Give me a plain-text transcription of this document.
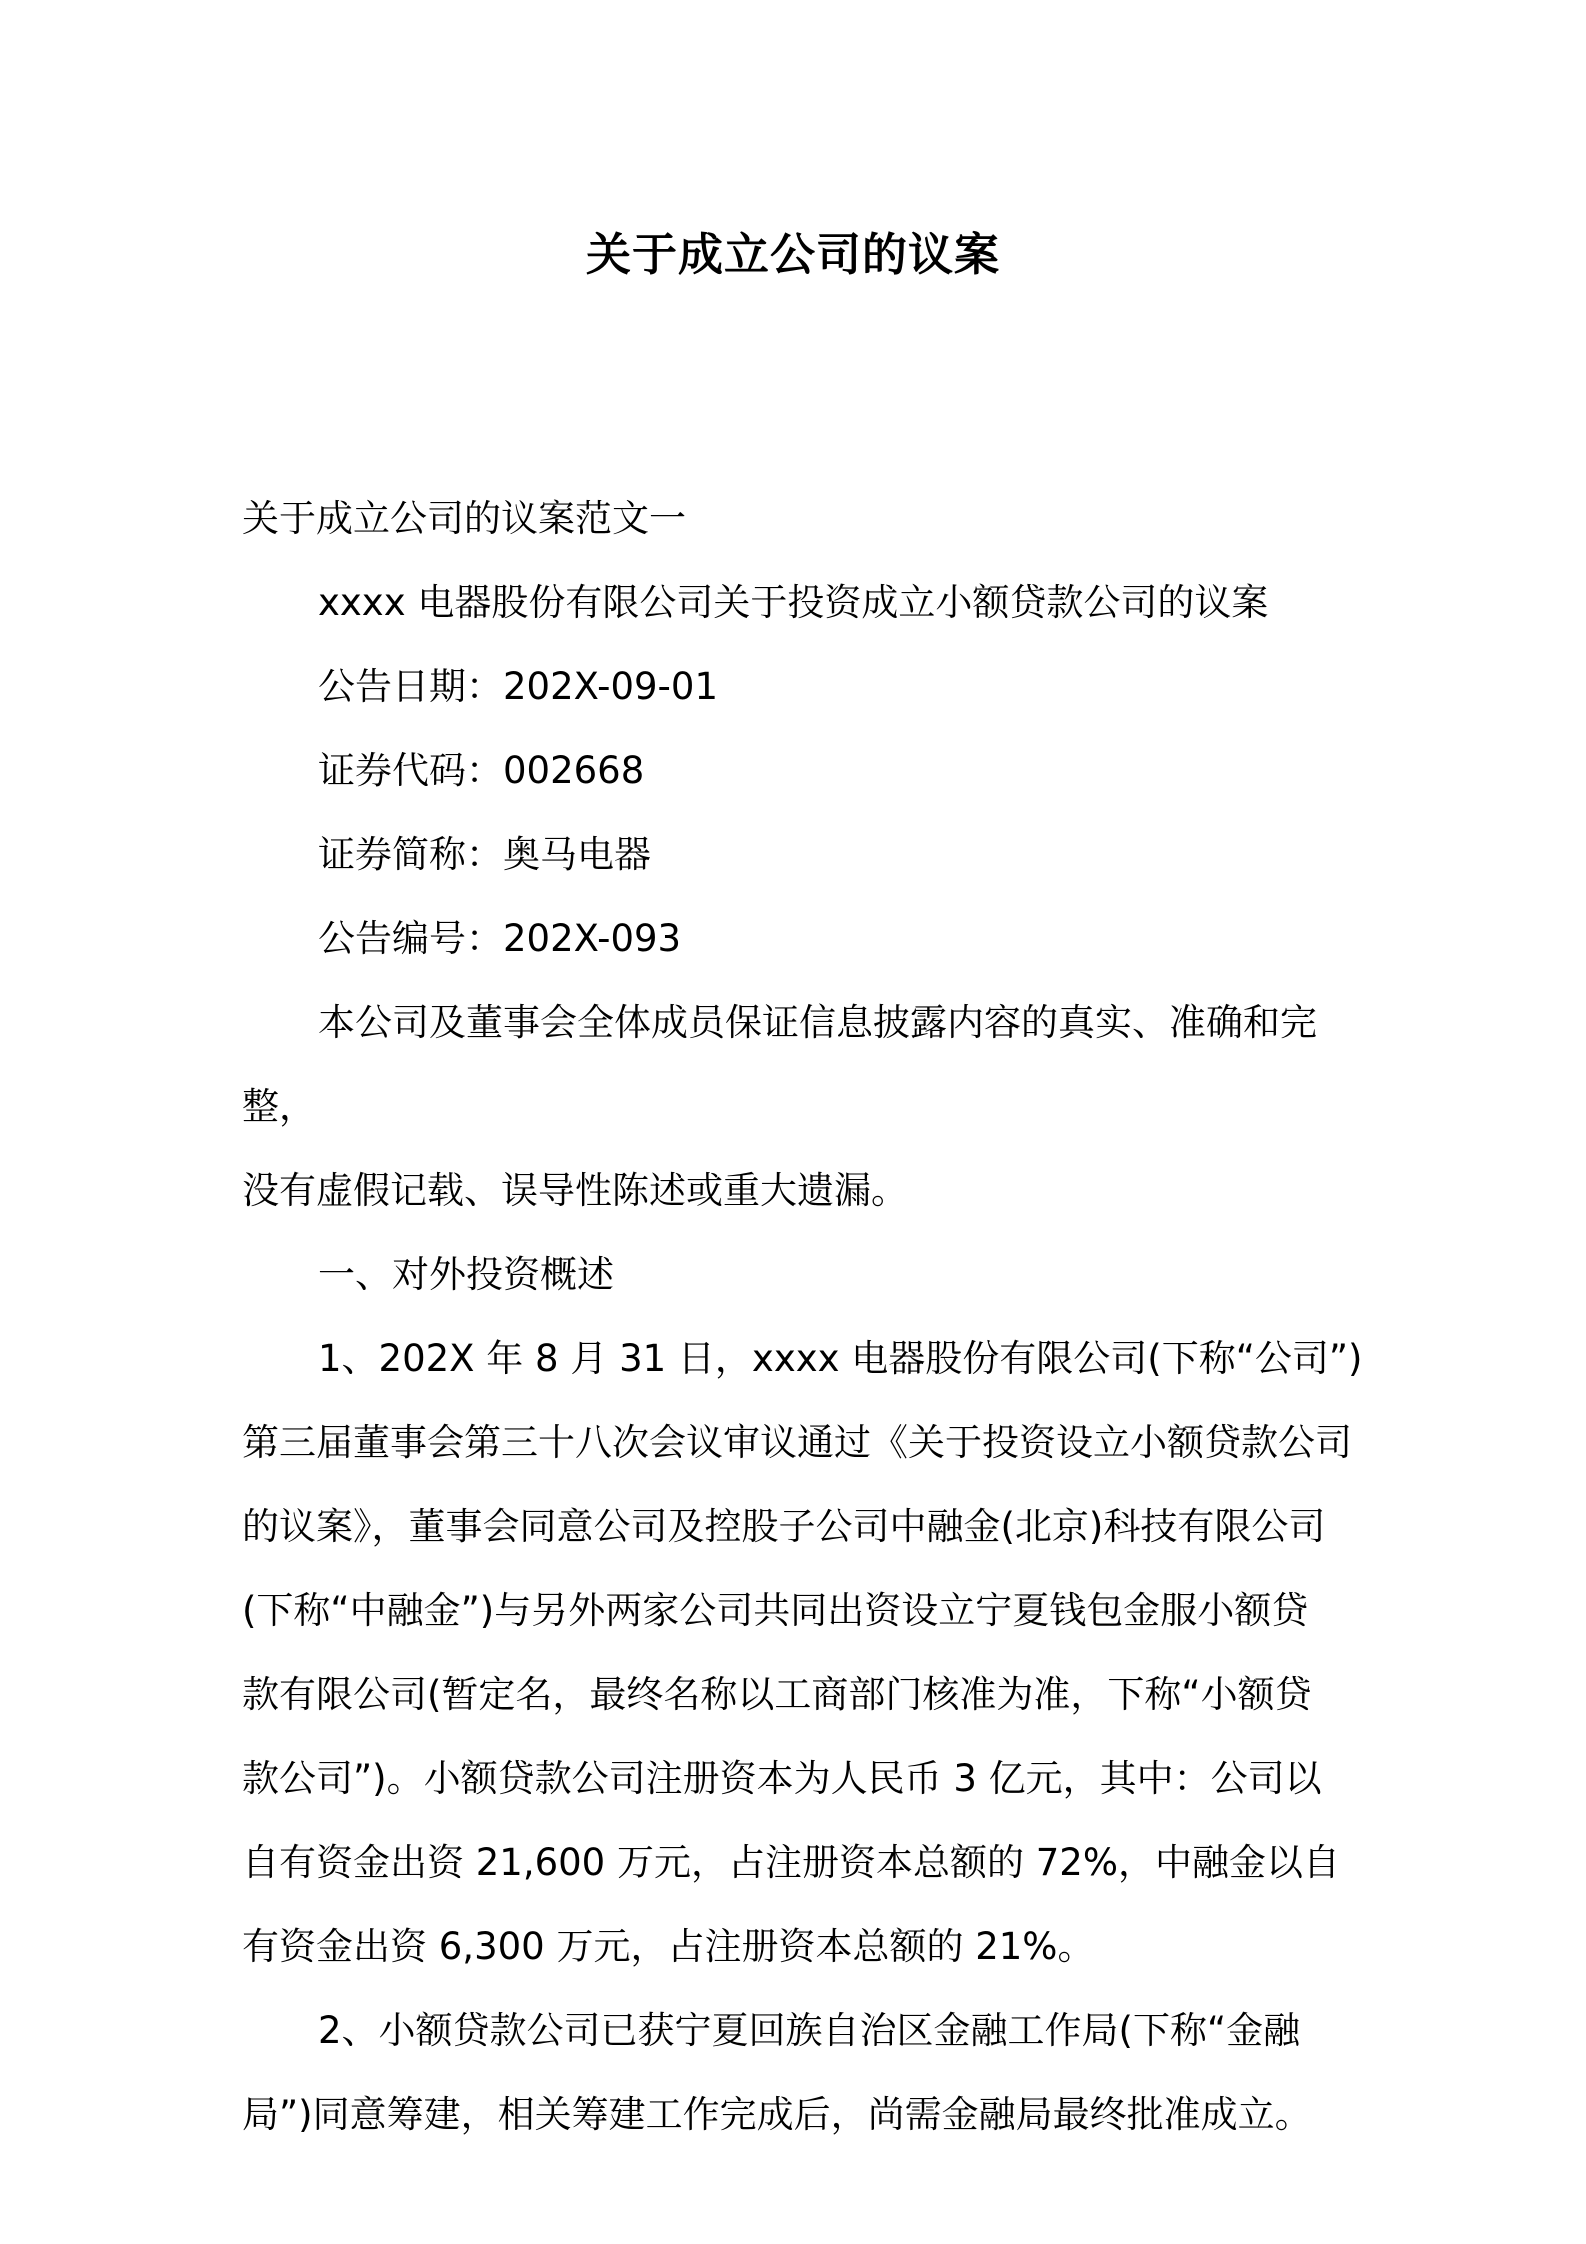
关于成立公司的议案

关于成立公司的议案范文一

xxxx 电器股份有限公司关于投资成立小额贷款公司的议案

公告日期：202X-09-01

证券代码：002668

证券简称：奥马电器

公告编号：202X-093

本公司及董事会全体成员保证信息披露内容的真实、准确和完整，
没有虚假记载、误导性陈述或重大遗漏。

一、对外投资概述

1、202X 年 8 月 31 日，xxxx 电器股份有限公司(下称“公司”)
第三届董事会第三十八次会议审议通过《关于投资设立小额贷款公司
的议案》，董事会同意公司及控股子公司中融金(北京)科技有限公司
(下称“中融金”)与另外两家公司共同出资设立宁夏钱包金服小额贷
款有限公司(暂定名，最终名称以工商部门核准为准，下称“小额贷
款公司”)。小额贷款公司注册资本为人民币 3 亿元，其中：公司以
自有资金出资 21,600 万元，占注册资本总额的 72%，中融金以自
有资金出资 6,300 万元，占注册资本总额的 21%。

2、小额贷款公司已获宁夏回族自治区金融工作局(下称“金融
局”)同意筹建，相关筹建工作完成后，尚需金融局最终批准成立。
